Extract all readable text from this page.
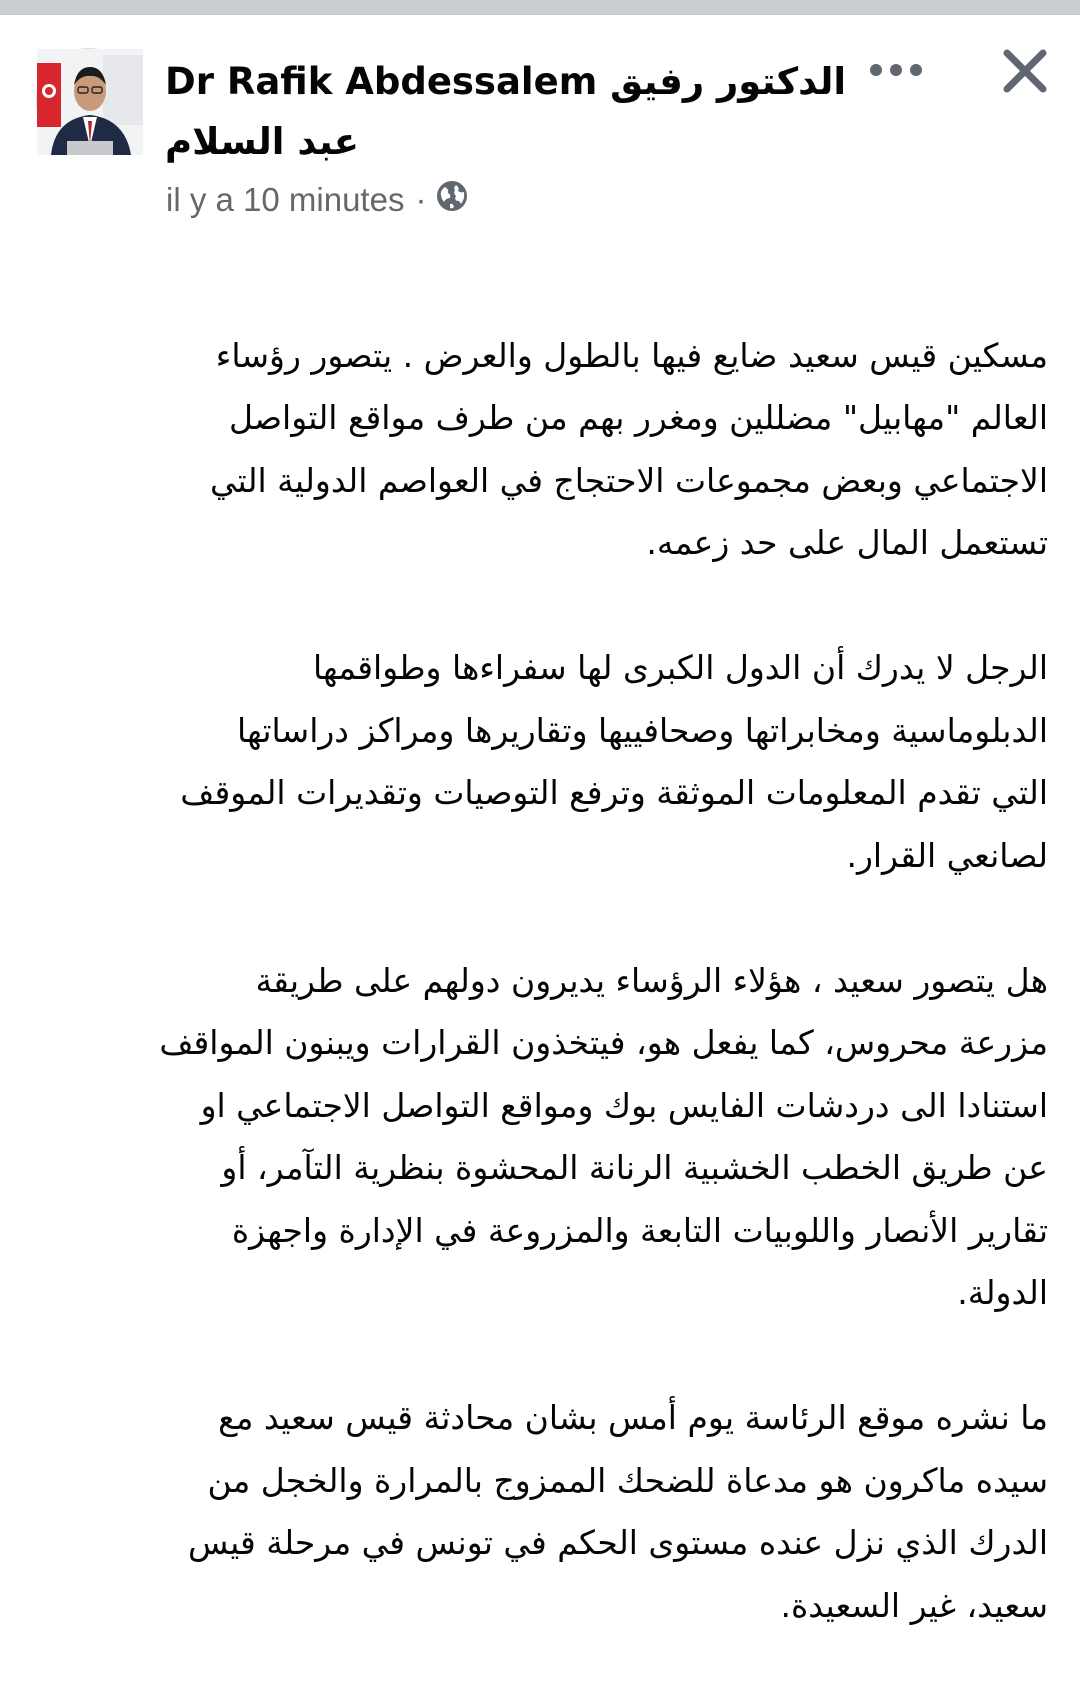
Dr Rafik Abdessalem الدكتور رفيق عبد السلام
il y a 10 minutes ·

مسكين قيس سعيد ضايع فيها بالطول والعرض . يتصور رؤساء
العالم "مهابيل" مضللين ومغرر بهم من طرف مواقع التواصل
الاجتماعي وبعض مجموعات الاحتجاج في العواصم الدولية التي
تستعمل المال على حد زعمه.

الرجل لا يدرك أن الدول الكبرى لها سفراءها وطواقمها
الدبلوماسية ومخابراتها وصحافييها وتقاريرها ومراكز دراساتها
التي تقدم المعلومات الموثقة وترفع التوصيات وتقديرات الموقف
لصانعي القرار.

هل يتصور سعيد ، هؤلاء الرؤساء يديرون دولهم على طريقة
مزرعة محروس، كما يفعل هو، فيتخذون القرارات ويبنون المواقف
استنادا الى دردشات الفايس بوك ومواقع التواصل الاجتماعي او
عن طريق الخطب الخشبية الرنانة المحشوة بنظرية التآمر، أو
تقارير الأنصار واللوبيات التابعة والمزروعة في الإدارة واجهزة
الدولة.

ما نشره موقع الرئاسة يوم أمس بشان محادثة قيس سعيد مع
سيده ماكرون هو مدعاة للضحك الممزوج بالمرارة والخجل من
الدرك الذي نزل عنده مستوى الحكم في تونس في مرحلة قيس
سعيد، غير السعيدة.
